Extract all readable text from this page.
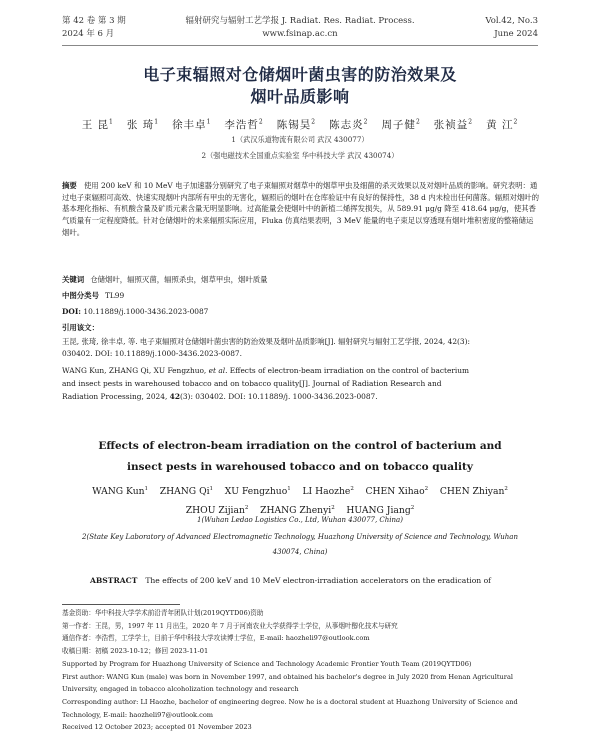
第 42 卷 第 3 期
2024 年 6 月
辐射研究与辐射工艺学报 J. Radiat. Res. Radiat. Process.
www.fsinap.ac.cn
Vol.42, No.3
June 2024
电子束辐照对仓储烟叶菌虫害的防治效果及
烟叶品质影响
王 昆$^1$ 张 琦$^1$ 徐丰卓$^1$ 李浩哲$^2$ 陈锡昊$^2$ 陈志炎$^2$ 周子健$^2$ 张祯益$^2$ 黄 江$^2$
1（武汉乐道物流有限公司 武汉 430077）
2（强电磁技术全国重点实验室 华中科技大学 武汉 430074）
摘要 使用 200 keV 和 10 MeV 电子加速器分别研究了电子束辐照对烟草中的烟草甲虫及细菌的杀灭效果以及对烟叶品质的影响。研究表明：通过电子束辐照可高效、快速实现烟叶内部所有甲虫的无害化，辐照后的烟叶在仓库验证中有良好的保持性，38 d 内未检出任何菌落。辐照对烟叶的基本理化指标、有机酸含量及矿质元素含量无明显影响。过高能量会使烟叶中的新植二烯挥发损失，从 589.91 μg/g 降至 418.64 μg/g，使其香气质量有一定程度降低。针对仓储烟叶的未来辐照实际应用，Fluka 仿真结果表明，3 MeV 能量的电子束足以穿透现有烟叶堆积密度的整箱储运烟叶。
关键词 仓储烟叶，辐照灭菌，辐照杀虫，烟草甲虫，烟叶质量
中图分类号 TL99
DOI: 10.11889/j.1000-3436.2023-0087
引用该文：
王昆, 张琦, 徐丰卓, 等. 电子束辐照对仓储烟叶菌虫害的防治效果及烟叶品质影响[J]. 辐射研究与辐射工艺学报, 2024, 42(3): 030402. DOI: 10.11889/j.1000-3436.2023-0087.
WANG Kun, ZHANG Qi, XU Fengzhuo, et al. Effects of electron-beam irradiation on the control of bacterium and insect pests in warehoused tobacco and on tobacco quality[J]. Journal of Radiation Research and Radiation Processing, 2024, 42(3): 030402. DOI: 10.11889/j. 1000-3436.2023-0087.
Effects of electron-beam irradiation on the control of bacterium and
insect pests in warehoused tobacco and on tobacco quality
WANG Kun$^1$ ZHANG Qi$^1$ XU Fengzhuo$^1$ LI Haozhe$^2$ CHEN Xihao$^2$ CHEN Zhiyan$^2$
ZHOU Zijian$^2$ ZHANG Zhenyi$^2$ HUANG Jiang$^2$
1(Wuhan Ledao Logistics Co., Ltd, Wuhan 430077, China)
2(State Key Laboratory of Advanced Electromagnetic Technology, Huazhong University of Science and Technology, Wuhan 430074, China)
ABSTRACT The effects of 200 keV and 10 MeV electron-irradiation accelerators on the eradication of
基金资助：华中科技大学学术前沿青年团队计划(2019QYTD06)资助
第一作者：王昆，男，1997 年 11 月出生，2020 年 7 月于河南农业大学获得学士学位，从事烟叶醇化技术与研究
通信作者：李浩哲，工学学士，目前于华中科技大学攻读博士学位，E-mail: haozheli97@outlook.com
收稿日期：初稿 2023-10-12；修回 2023-11-01
Supported by Program for Huazhong University of Science and Technology Academic Frontier Youth Team (2019QYTD06)
First author: WANG Kun (male) was born in November 1997, and obtained his bachelor's degree in July 2020 from Henan Agricultural University, engaged in tobacco alcoholization technology and research
Corresponding author: LI Haozhe, bachelor of engineering degree. Now he is a doctoral student at Huazhong University of Science and Technology, E-mail: haozheli97@outlook.com
Received 12 October 2023; accepted 01 November 2023
